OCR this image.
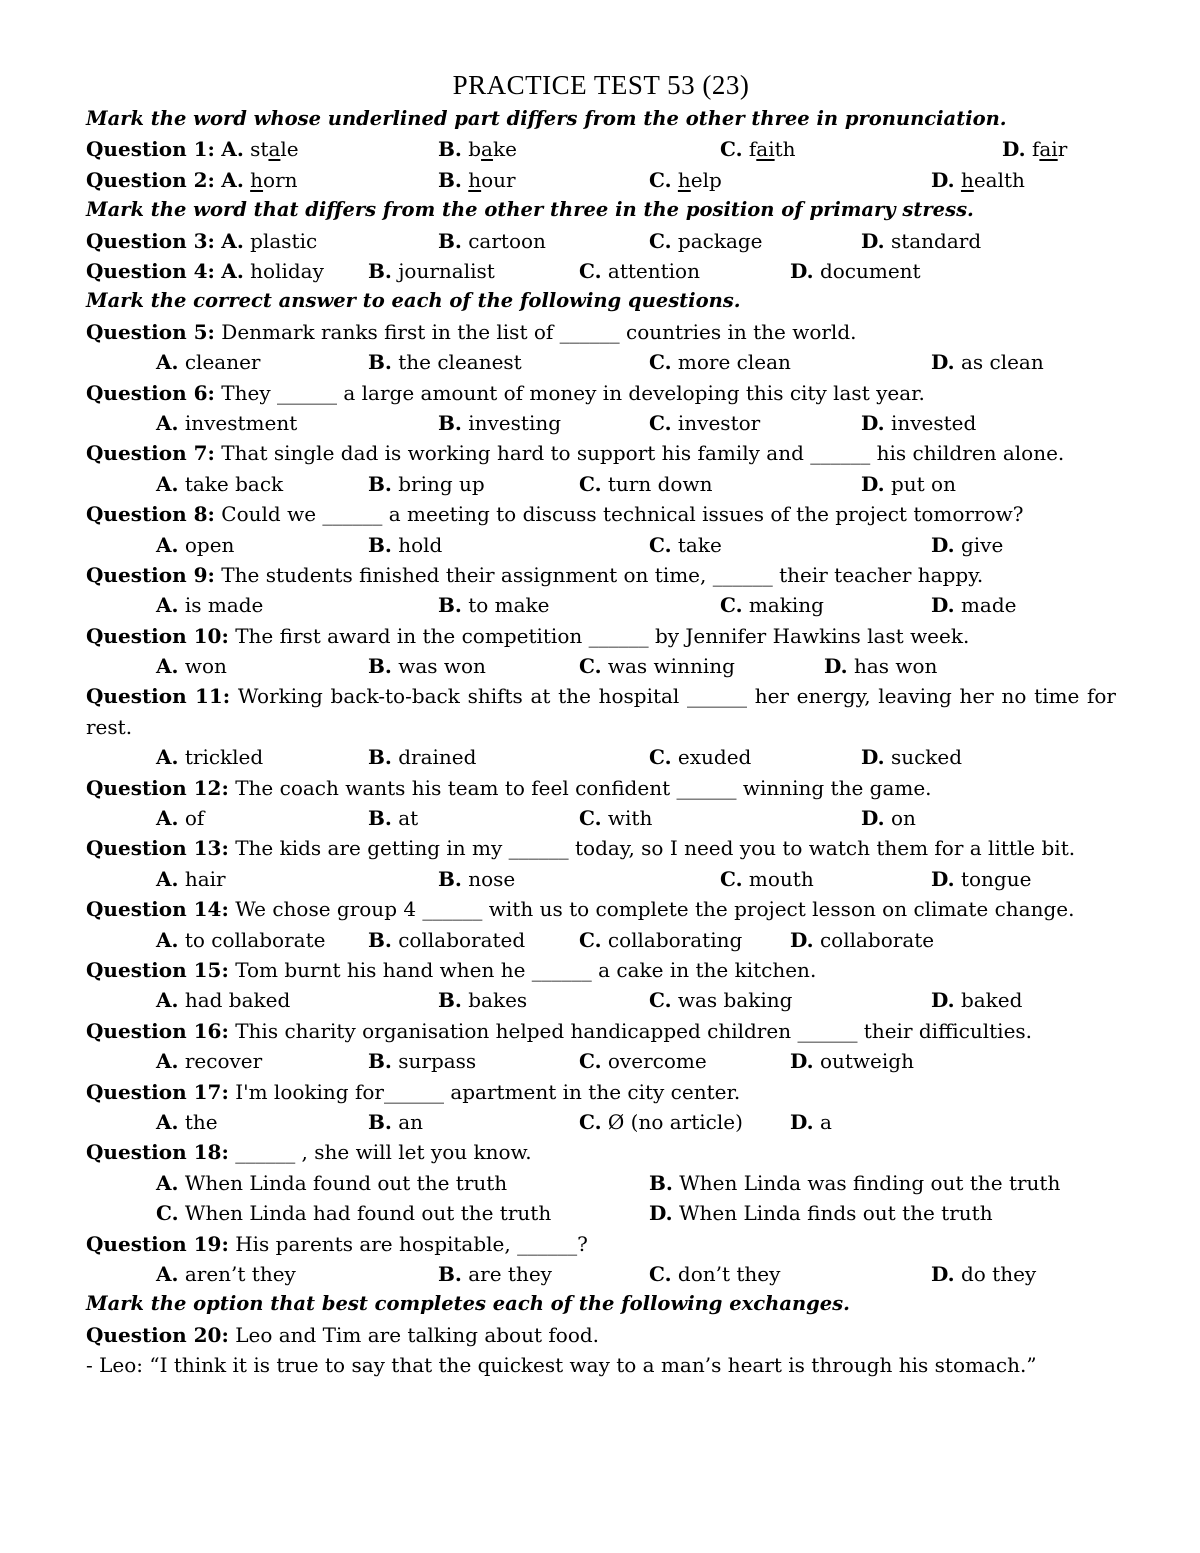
PRACTICE TEST 53 (23)
Mark the word whose underlined part differs from the other three in pronunciation.
Question 1: A. stale	B. bake	C. faith	D. fair
Question 2: A. horn	B. hour	C. help	D. health
Mark the word that differs from the other three in the position of primary stress.
Question 3: A. plastic	B. cartoon	C. package	D. standard
Question 4: A. holiday B. journalist	C. attention	D. document
Mark the correct answer to each of the following questions.
Question 5: Denmark ranks first in the list of ______ countries in the world.
A. cleaner	B. the cleanest	C. more clean	D. as clean
Question 6: They ______ a large amount of money in developing this city last year.
A. investment	B. investing	C. investor	D. invested
Question 7: That single dad is working hard to support his family and ______ his children alone.
A. take back	B. bring up	C. turn down	D. put on
Question 8: Could we ______ a meeting to discuss technical issues of the project tomorrow?
A. open	B. hold	C. take	D. give
Question 9: The students finished their assignment on time, ______ their teacher happy.
A. is made	B. to make	C. making	D. made
Question 10: The first award in the competition ______ by Jennifer Hawkins last week.
A. won	B. was won	C. was winning	D. has won
Question 11: Working back-to-back shifts at the hospital ______ her energy, leaving her no time for rest.
A. trickled	B. drained	C. exuded	D. sucked
Question 12: The coach wants his team to feel confident ______ winning the game.
A. of	B. at	C. with	D. on
Question 13: The kids are getting in my ______ today, so I need you to watch them for a little bit.
A. hair	B. nose	C. mouth	D. tongue
Question 14: We chose group 4 ______ with us to complete the project lesson on climate change.
A. to collaborate B. collaborated	C. collaborating D. collaborate
Question 15: Tom burnt his hand when he ______ a cake in the kitchen.
A. had baked	B. bakes	C. was baking	D. baked
Question 16: This charity organisation helped handicapped children ______ their difficulties.
A. recover	B. surpass	C. overcome	D. outweigh
Question 17: I'm looking for______ apartment in the city center.
A. the	B. an	C. Ø (no article) D. a
Question 18: ______ , she will let you know.
A. When Linda found out the truth	B. When Linda was finding out the truth
C. When Linda had found out the truth	D. When Linda finds out the truth
Question 19: His parents are hospitable, ______?
A. aren’t they	B. are they	C. don’t they	D. do they
Mark the option that best completes each of the following exchanges.
Question 20: Leo and Tim are talking about food.
- Leo: “I think it is true to say that the quickest way to a man’s heart is through his stomach.”
